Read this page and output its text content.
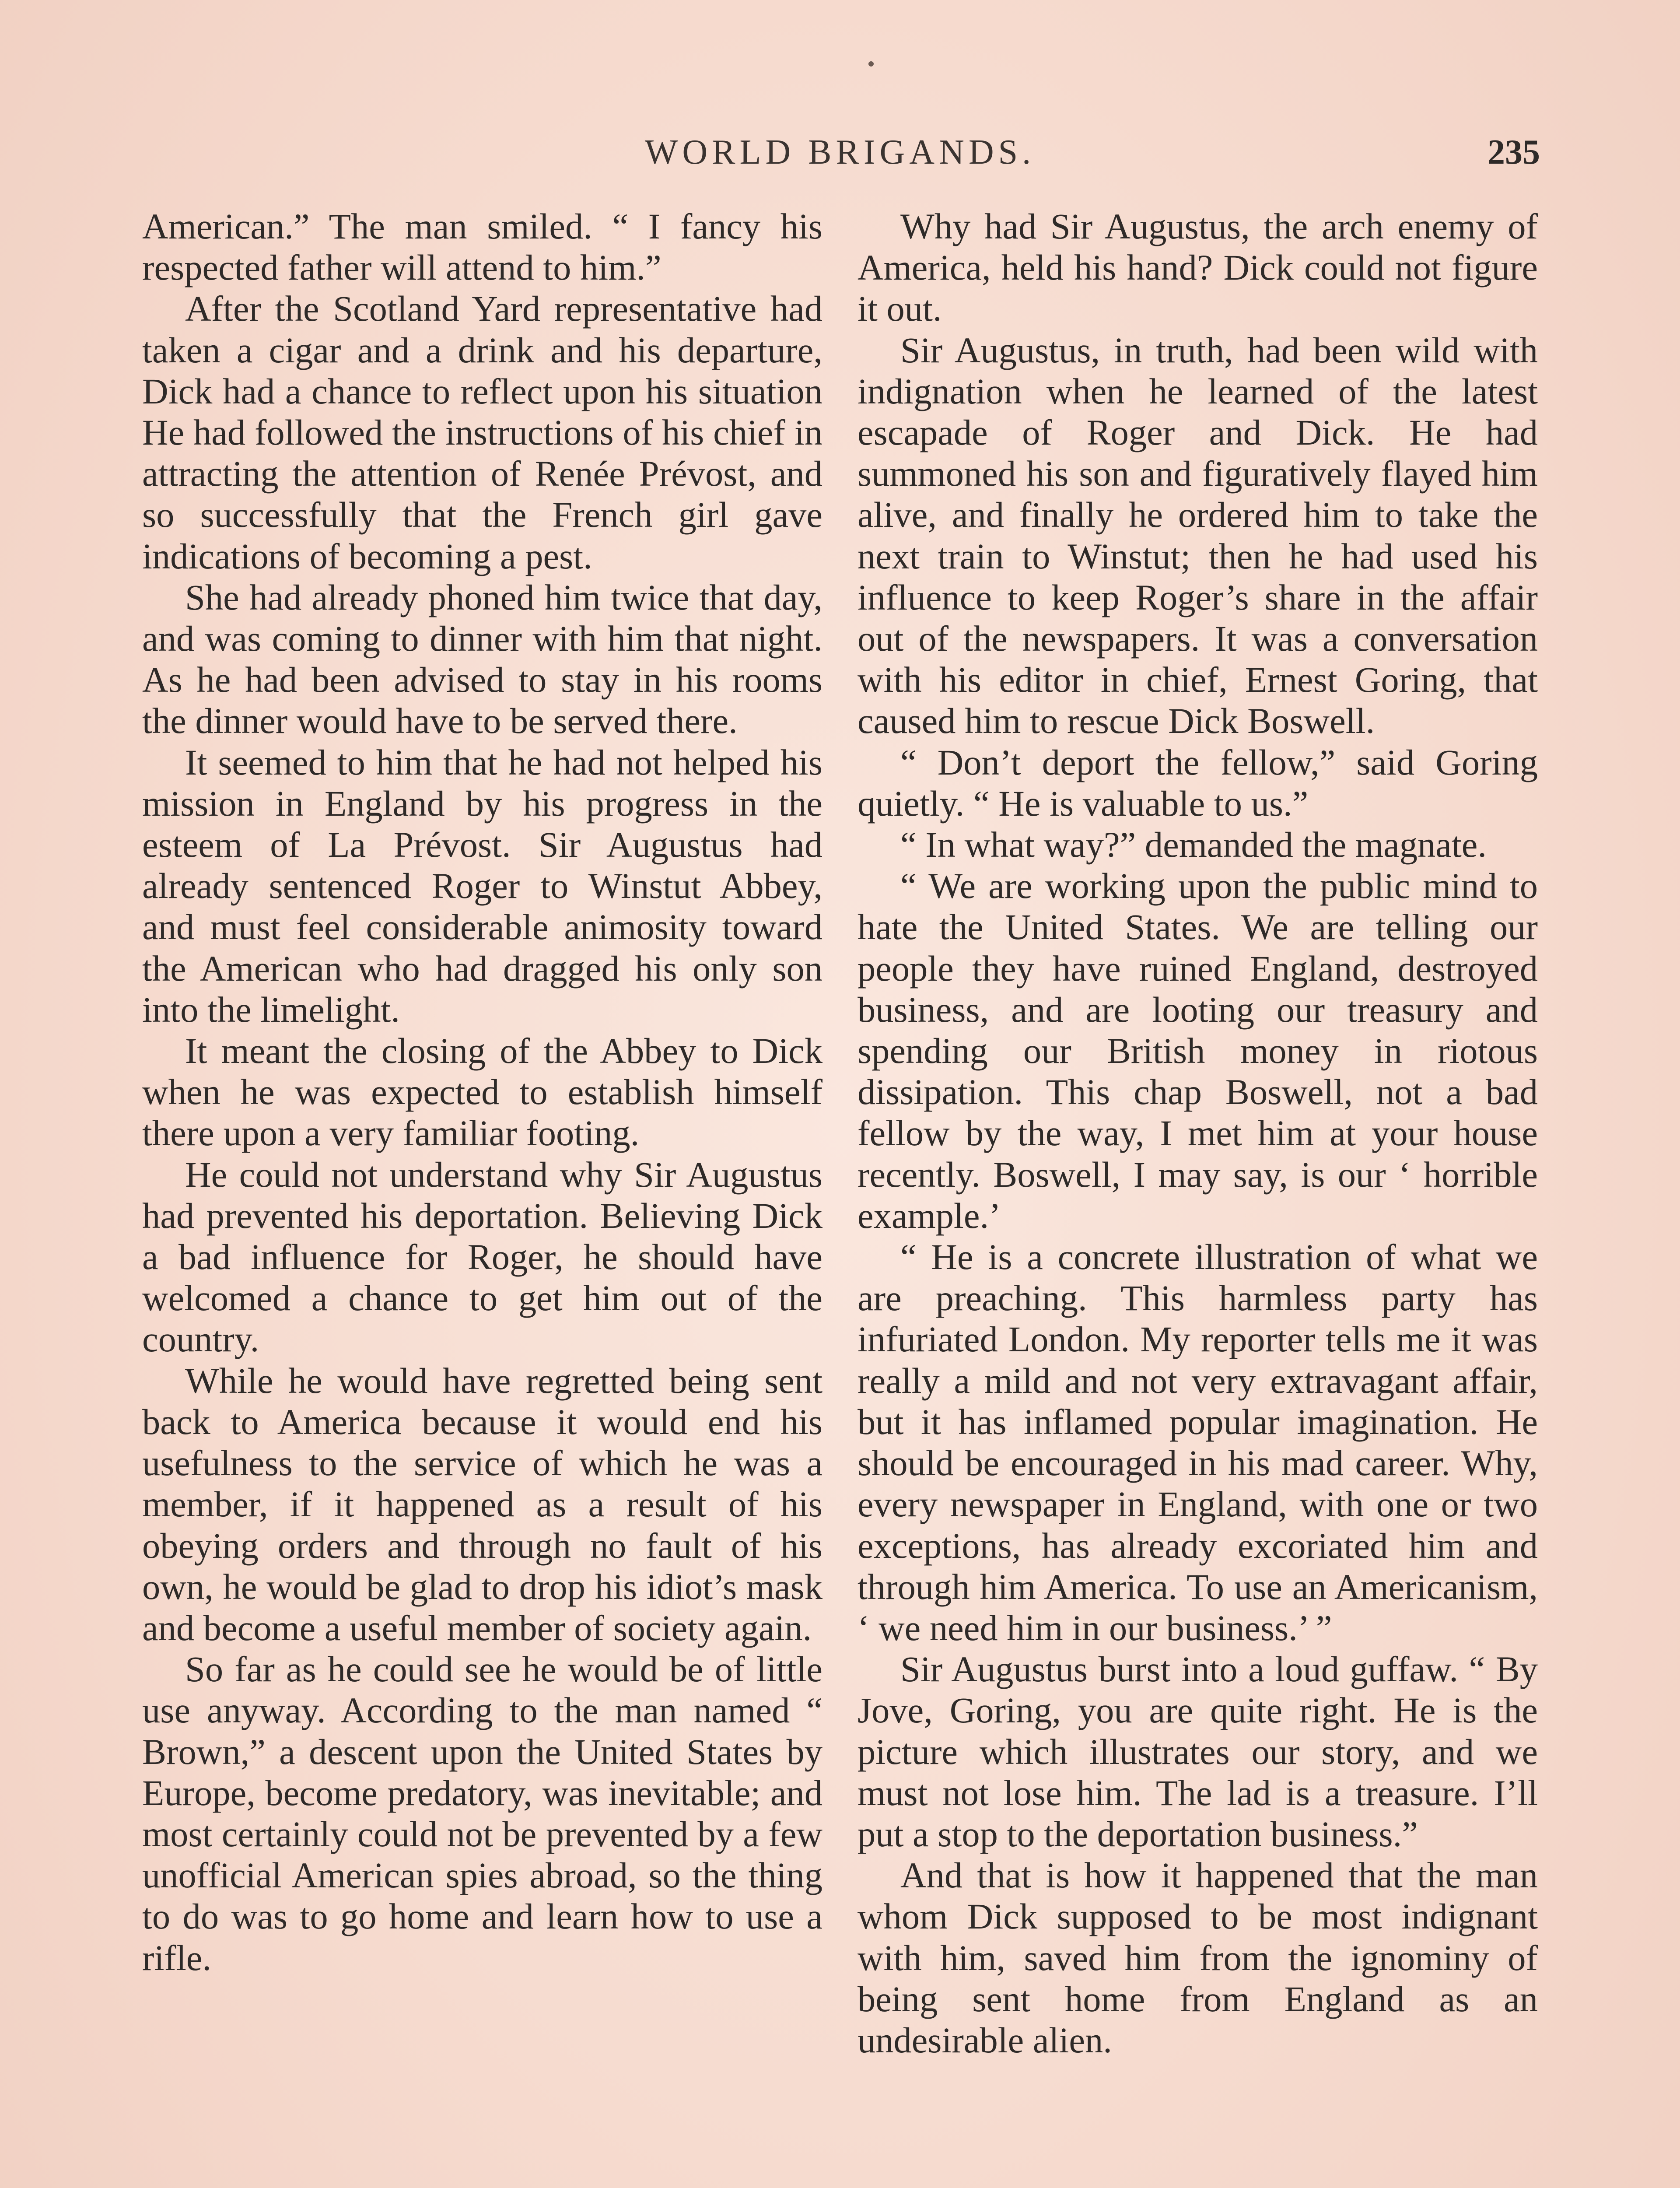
WORLD BRIGANDS.	235

American.” The man smiled. “ I fancy his respected father will attend to him.”

After the Scotland Yard representative had taken a cigar and a drink and his departure, Dick had a chance to reflect upon his situation He had followed the instructions of his chief in attracting the attention of Renée Prévost, and so successfully that the French girl gave indications of becoming a pest.

She had already phoned him twice that day, and was coming to dinner with him that night. As he had been advised to stay in his rooms the dinner would have to be served there.

It seemed to him that he had not helped his mission in England by his progress in the esteem of La Prévost. Sir Augustus had already sentenced Roger to Winstut Abbey, and must feel considerable animosity toward the American who had dragged his only son into the limelight.

It meant the closing of the Abbey to Dick when he was expected to establish himself there upon a very familiar footing.

He could not understand why Sir Augustus had prevented his deportation. Believing Dick a bad influence for Roger, he should have welcomed a chance to get him out of the country.

While he would have regretted being sent back to America because it would end his usefulness to the service of which he was a member, if it happened as a result of his obeying orders and through no fault of his own, he would be glad to drop his idiot’s mask and become a useful member of society again.

So far as he could see he would be of little use anyway. According to the man named “ Brown,” a descent upon the United States by Europe, become predatory, was inevitable; and most certainly could not be prevented by a few unofficial American spies abroad, so the thing to do was to go home and learn how to use a rifle.

Why had Sir Augustus, the arch enemy of America, held his hand? Dick could not figure it out.

Sir Augustus, in truth, had been wild with indignation when he learned of the latest escapade of Roger and Dick. He had summoned his son and figuratively flayed him alive, and finally he ordered him to take the next train to Winstut; then he had used his influence to keep Roger’s share in the affair out of the newspapers. It was a conversation with his editor in chief, Ernest Goring, that caused him to rescue Dick Boswell.

“ Don’t deport the fellow,” said Goring quietly. “ He is valuable to us.”

“ In what way?” demanded the magnate.

“ We are working upon the public mind to hate the United States. We are telling our people they have ruined England, destroyed business, and are looting our treasury and spending our British money in riotous dissipation. This chap Boswell, not a bad fellow by the way, I met him at your house recently. Boswell, I may say, is our ‘ horrible example.’

“ He is a concrete illustration of what we are preaching. This harmless party has infuriated London. My reporter tells me it was really a mild and not very extravagant affair, but it has inflamed popular imagination. He should be encouraged in his mad career. Why, every newspaper in England, with one or two exceptions, has already excoriated him and through him America. To use an Americanism, ‘ we need him in our business.’ ”

Sir Augustus burst into a loud guffaw. “ By Jove, Goring, you are quite right. He is the picture which illustrates our story, and we must not lose him. The lad is a treasure. I’ll put a stop to the deportation business.”

And that is how it happened that the man whom Dick supposed to be most indignant with him, saved him from the ignominy of being sent home from England as an undesirable alien.
